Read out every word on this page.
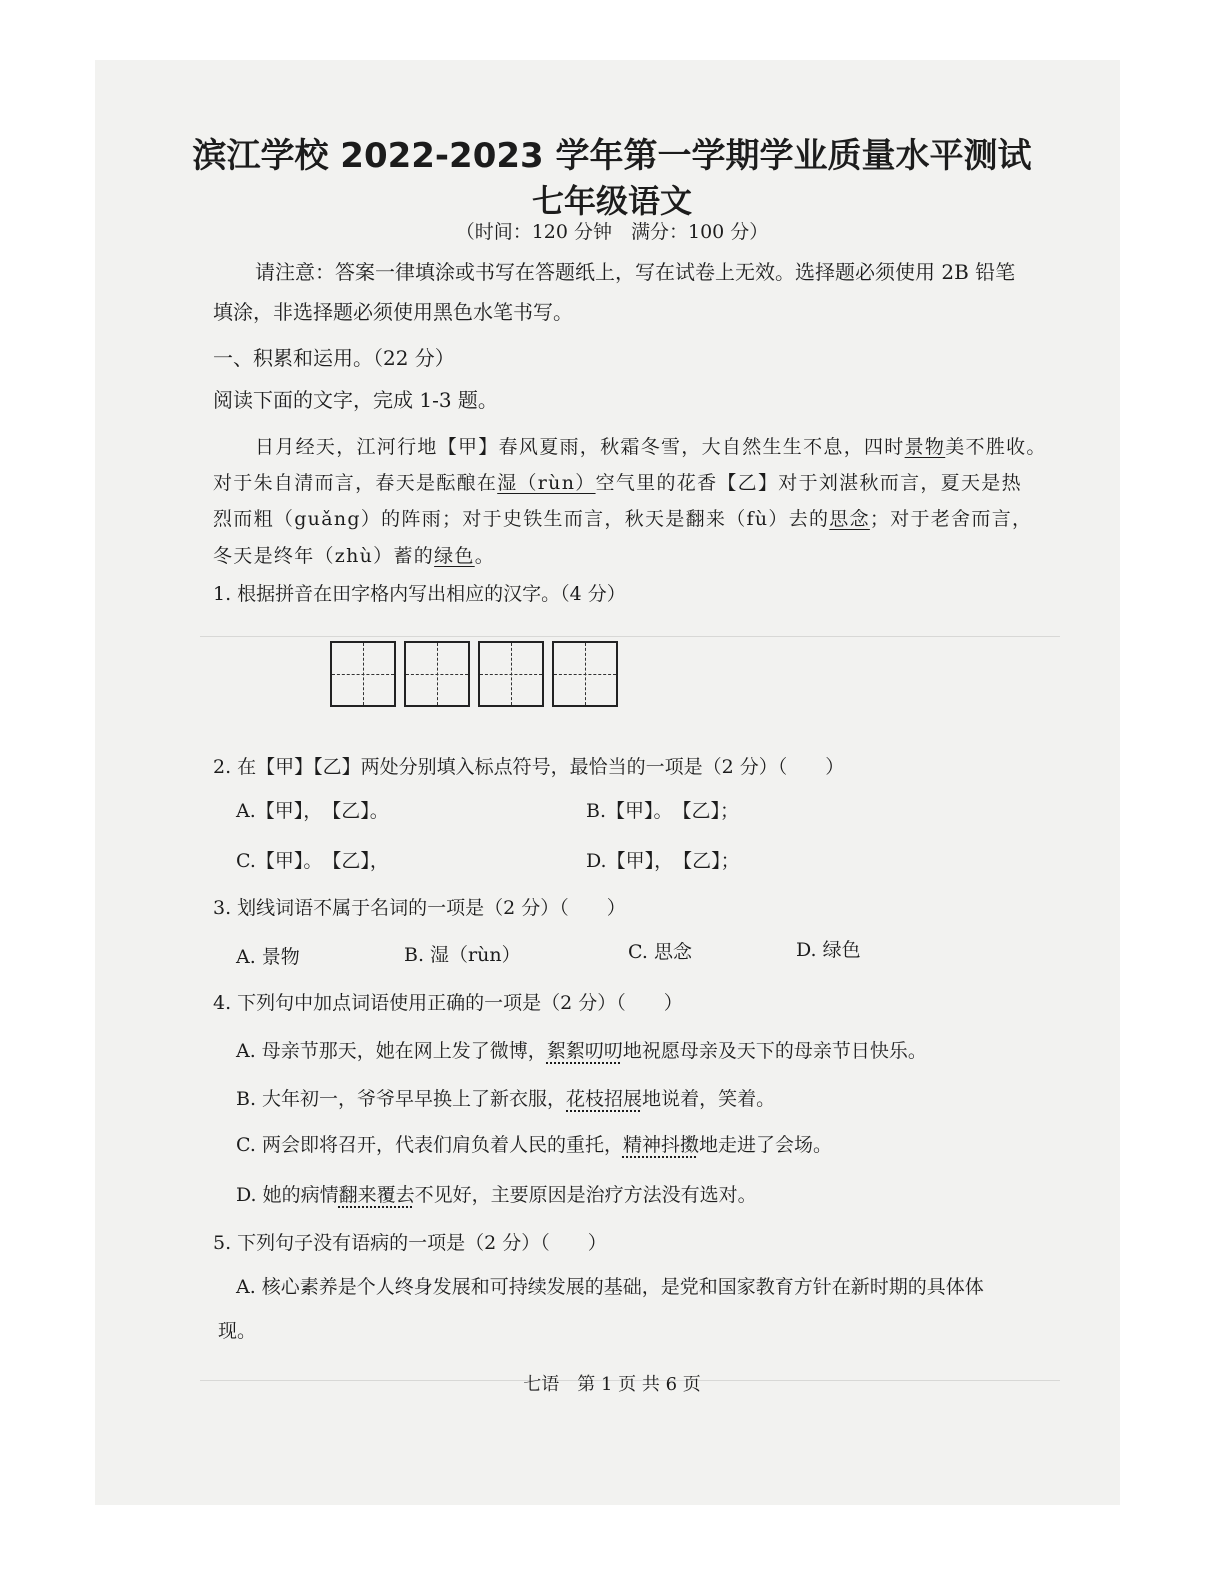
滨江学校 2022-2023 学年第一学期学业质量水平测试
七年级语文
（时间：120 分钟　满分：100 分）
请注意：答案一律填涂或书写在答题纸上，写在试卷上无效。选择题必须使用 2B 铅笔
填涂，非选择题必须使用黑色水笔书写。
一、积累和运用。（22 分）
阅读下面的文字，完成 1-3 题。
日月经天，江河行地【甲】春风夏雨，秋霜冬雪，大自然生生不息，四时景物美不胜收。
对于朱自清而言，春天是酝酿在湿（rùn）空气里的花香【乙】对于刘湛秋而言，夏天是热
烈而粗（guǎng）的阵雨；对于史铁生而言，秋天是翻来（fù）去的思念；对于老舍而言，
冬天是终年（zhù）蓄的绿色。
1. 根据拼音在田字格内写出相应的汉字。（4 分）
2. 在【甲】【乙】两处分别填入标点符号，最恰当的一项是（2 分）（　　）
A.【甲】，　【乙】。	B.【甲】。　【乙】；
C.【甲】。　【乙】，	D.【甲】，　【乙】；
3. 划线词语不属于名词的一项是（2 分）（　　）
A. 景物	B. 湿（rùn）	C. 思念	D. 绿色
4. 下列句中加点词语使用正确的一项是（2 分）（　　）
A. 母亲节那天，她在网上发了微博，絮絮叨叨地祝愿母亲及天下的母亲节日快乐。
B. 大年初一，爷爷早早换上了新衣服，花枝招展地说着，笑着。
C. 两会即将召开，代表们肩负着人民的重托，精神抖擞地走进了会场。
D. 她的病情翻来覆去不见好，主要原因是治疗方法没有选对。
5. 下列句子没有语病的一项是（2 分）（　　）
A. 核心素养是个人终身发展和可持续发展的基础，是党和国家教育方针在新时期的具体体
现。
七语　第 1 页 共 6 页
